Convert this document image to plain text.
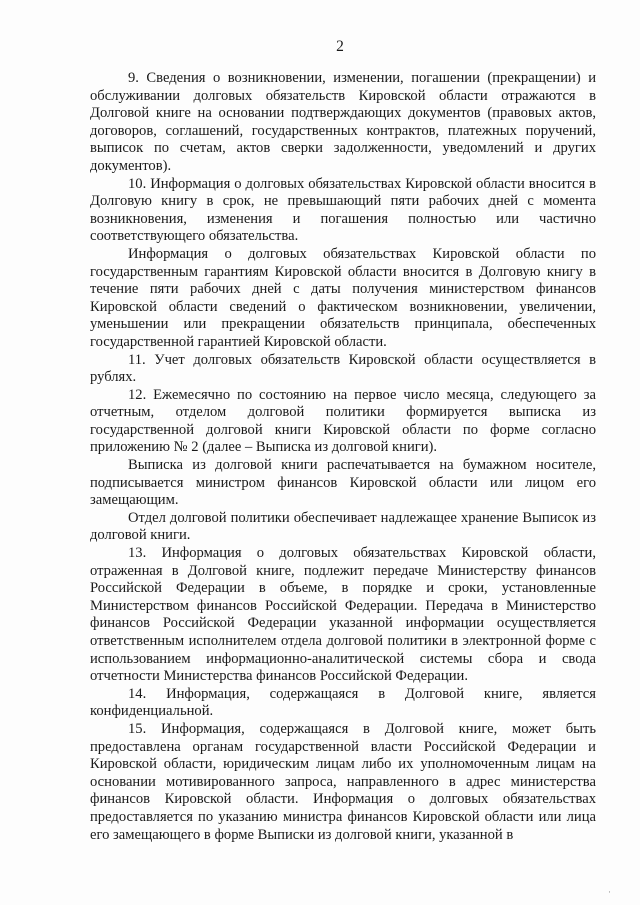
2

9. Сведения о возникновении, изменении, погашении (прекращении) и обслуживании долговых обязательств Кировской области отражаются в Долговой книге на основании подтверждающих документов (правовых актов, договоров, соглашений, государственных контрактов, платежных поручений, выписок по счетам, актов сверки задолженности, уведомлений и других документов).

10. Информация о долговых обязательствах Кировской области вносится в Долговую книгу в срок, не превышающий пяти рабочих дней с момента возникновения, изменения и погашения полностью или частично соответствующего обязательства.

Информация о долговых обязательствах Кировской области по государственным гарантиям Кировской области вносится в Долговую книгу в течение пяти рабочих дней с даты получения министерством финансов Кировской области сведений о фактическом возникновении, увеличении, уменьшении или прекращении обязательств принципала, обеспеченных государственной гарантией Кировской области.

11. Учет долговых обязательств Кировской области осуществляется в рублях.

12. Ежемесячно по состоянию на первое число месяца, следующего за отчетным, отделом долговой политики формируется выписка из государственной долговой книги Кировской области по форме согласно приложению № 2 (далее – Выписка из долговой книги).

Выписка из долговой книги распечатывается на бумажном носителе, подписывается министром финансов Кировской области или лицом его замещающим.

Отдел долговой политики обеспечивает надлежащее хранение Выписок из долговой книги.

13. Информация о долговых обязательствах Кировской области, отраженная в Долговой книге, подлежит передаче Министерству финансов Российской Федерации в объеме, в порядке и сроки, установленные Министерством финансов Российской Федерации. Передача в Министерство финансов Российской Федерации указанной информации осуществляется ответственным исполнителем отдела долговой политики в электронной форме с использованием информационно-аналитической системы сбора и свода отчетности Министерства финансов Российской Федерации.

14. Информация, содержащаяся в Долговой книге, является конфиденциальной.

15. Информация, содержащаяся в Долговой книге, может быть предоставлена органам государственной власти Российской Федерации и Кировской области, юридическим лицам либо их уполномоченным лицам на основании мотивированного запроса, направленного в адрес министерства финансов Кировской области. Информация о долговых обязательствах предоставляется по указанию министра финансов Кировской области или лица его замещающего в форме Выписки из долговой книги, указанной в

·
